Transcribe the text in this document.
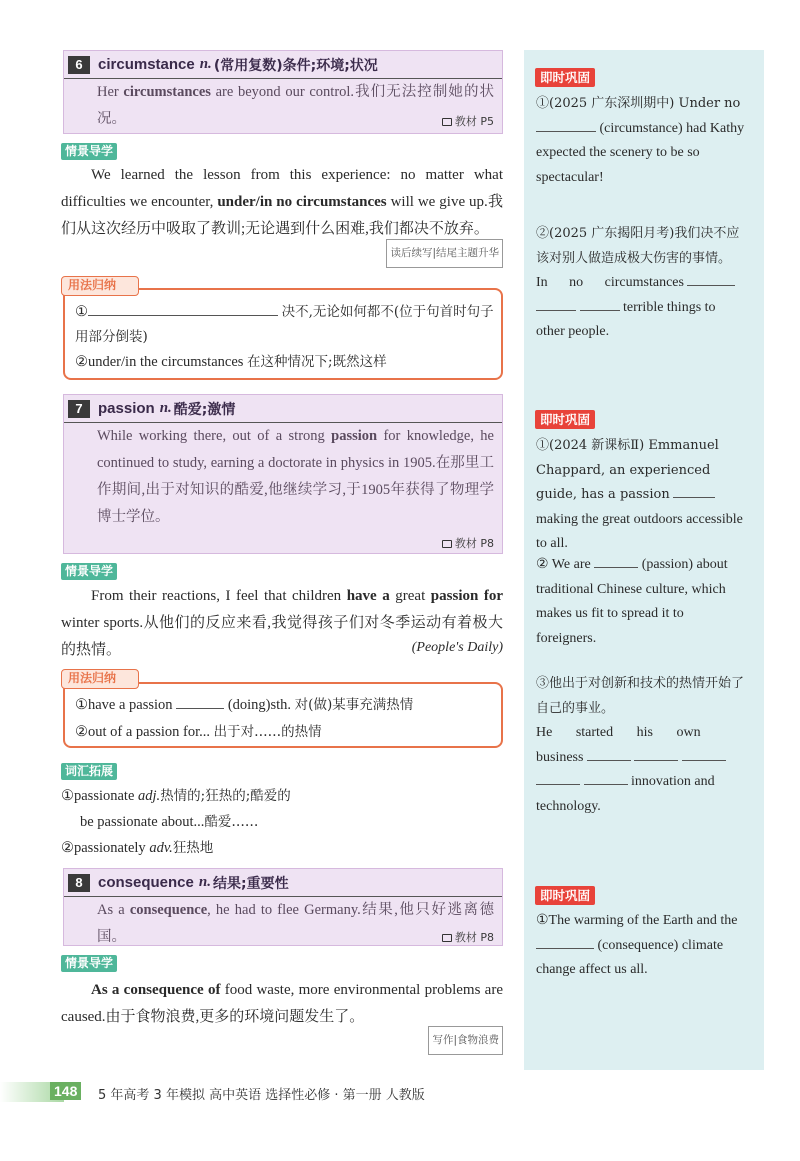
6	circumstance n. (常用复数)条件;环境;状况
Her circumstances are beyond our control.我们无法控制她的状况。	教材 P5
情景导学
We learned the lesson from this experience: no matter what difficulties we encounter, under/in no circumstances will we give up.我们从这次经历中吸取了教训;无论遇到什么困难,我们都决不放弃。
读后续写|结尾主题升华
①	决不,无论如何都不(位于句首时句子用部分倒装)
②under/in the circumstances 在这种情况下;既然这样
用法归纳
7	passion n. 酷爱;激情
While working there, out of a strong passion for knowledge, he continued to study, earning a doctorate in physics in 1905.在那里工作期间,出于对知识的酷爱,他继续学习,于1905年获得了物理学博士学位。
教材 P8
情景导学
From their reactions, I feel that children have a great passion for winter sports.从他们的反应来看,我觉得孩子们对冬季运动有着极大的热情。	(People's Daily)
①have a passion	(doing)sth. 对(做)某事充满热情
②out of a passion for... 出于对……的热情
用法归纳
词汇拓展
①passionate adj.热情的;狂热的;酷爱的
be passionate about...酷爱……
②passionately adv.狂热地
8	consequence n. 结果;重要性
As a consequence, he had to flee Germany.结果,他只好逃离德国。	教材 P8
情景导学
As a consequence of food waste, more environmental problems are caused.由于食物浪费,更多的环境问题发生了。
写作|食物浪费
即时巩固
①(2025 广东深圳期中) Under no  (circumstance) had Kathy expected the scenery to be so spectacular!
②(2025 广东揭阳月考)我们决不应该对别人做造成极大伤害的事情。
In no circumstances    terrible things to other people.
即时巩固
①(2024 新课标Ⅱ) Emmanuel Chappard, an experienced guide, has a passion  making the great outdoors accessible to all.
② We are	(passion) about traditional Chinese culture, which makes us fit to spread it to foreigners.
③他出于对创新和技术的热情开始了自己的事业。
He started his own business      innovation and technology.
即时巩固
①The warming of the Earth and the  (consequence) climate change affect us all.
148	5 年高考 3 年模拟 高中英语 选择性必修 · 第一册 人教版
